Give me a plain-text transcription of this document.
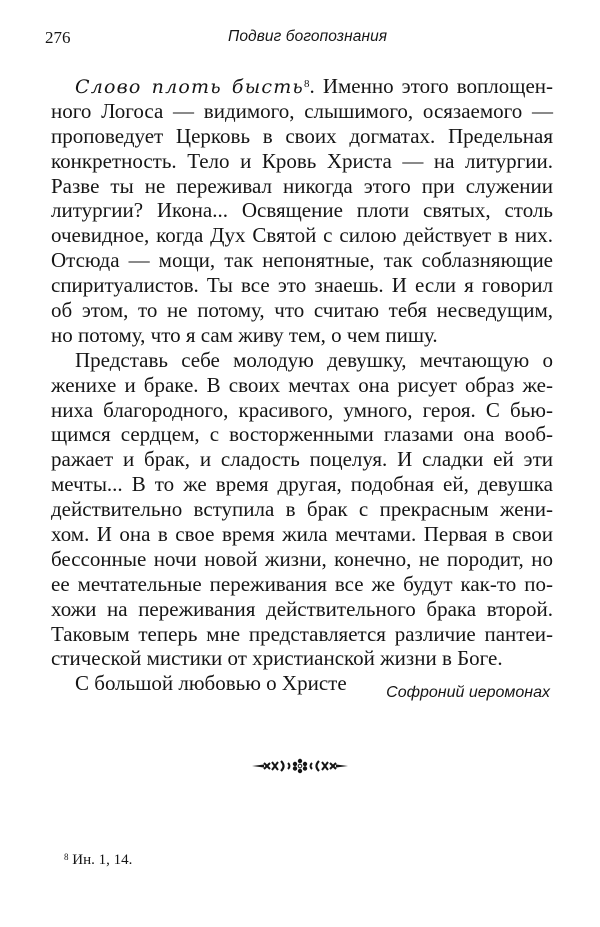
276	Подвиг богопознания
Слово плоть бысть$^8$. Именно этого воплощен-
ного Логоса — видимого, слышимого, осязаемого —
проповедует Церковь в своих догматах. Предельная
конкретность. Тело и Кровь Христа — на литургии.
Разве ты не переживал никогда этого при служении
литургии? Икона... Освящение плоти святых, столь
очевидное, когда Дух Святой с силою действует в них.
Отсюда — мощи, так непонятные, так соблазняющие
спиритуалистов. Ты все это знаешь. И если я говорил
об этом, то не потому, что считаю тебя несведущим,
но потому, что я сам живу тем, о чем пишу.
Представь себе молодую девушку, мечтающую о
женихе и браке. В своих мечтах она рисует образ же-
ниха благородного, красивого, умного, героя. С бью-
щимся сердцем, с восторженными глазами она вооб-
ражает и брак, и сладость поцелуя. И сладки ей эти
мечты... В то же время другая, подобная ей, девушка
действительно вступила в брак с прекрасным жени-
хом. И она в свое время жила мечтами. Первая в свои
бессонные ночи новой жизни, конечно, не породит, но
ее мечтательные переживания все же будут как-то по-
хожи на переживания действительного брака второй.
Таковым теперь мне представляется различие пантеи-
стической мистики от христианской жизни в Боге.
С большой любовью о Христе	Софроний иеромонах
$^8$ Ин. 1, 14.
